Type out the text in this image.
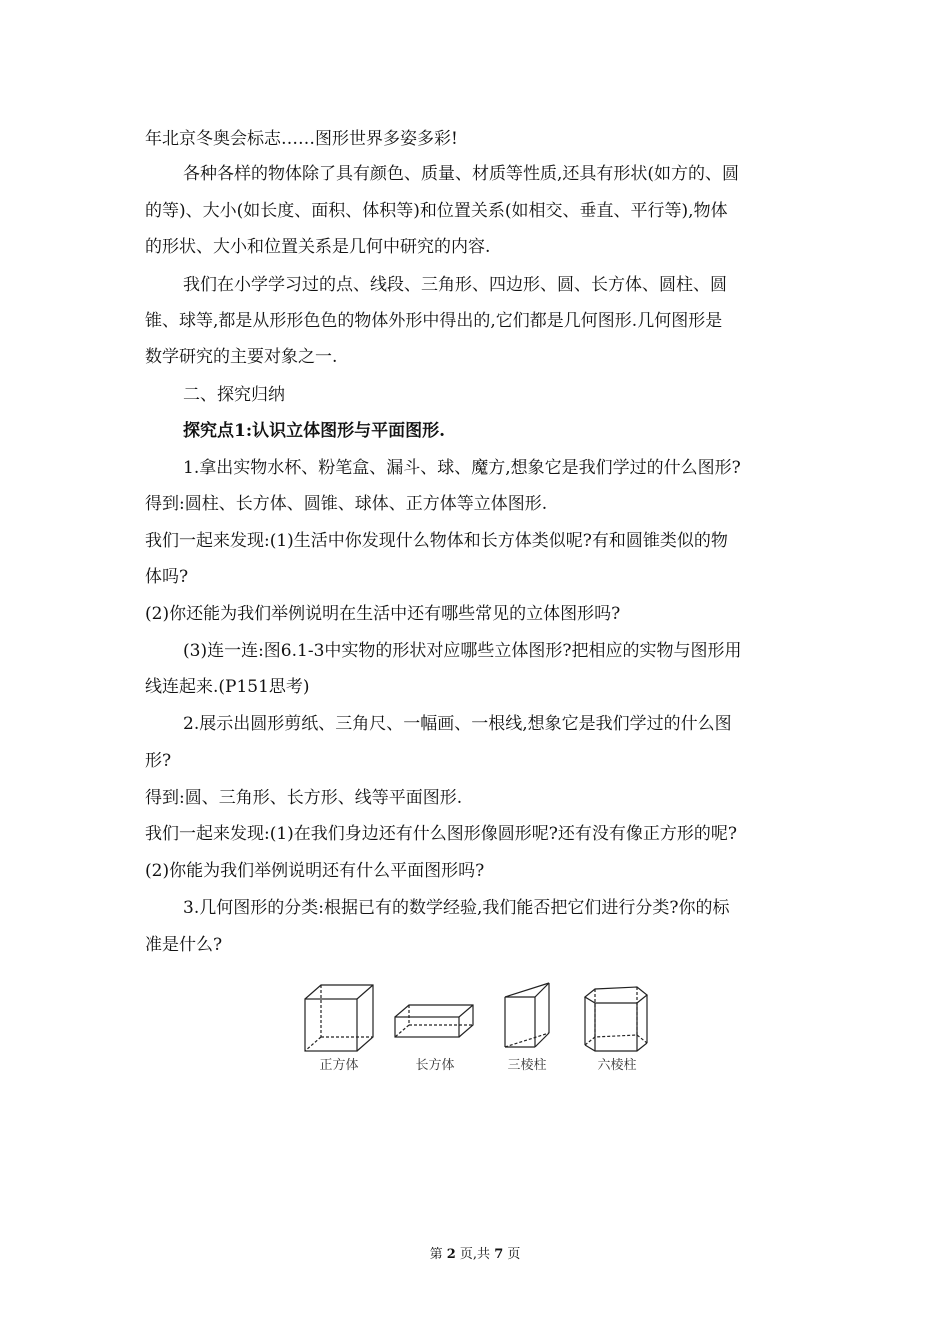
年北京冬奥会标志……图形世界多姿多彩!
各种各样的物体除了具有颜色、质量、材质等性质,还具有形状(如方的、圆
的等)、大小(如长度、面积、体积等)和位置关系(如相交、垂直、平行等),物体
的形状、大小和位置关系是几何中研究的内容.
我们在小学学习过的点、线段、三角形、四边形、圆、长方体、圆柱、圆
锥、球等,都是从形形色色的物体外形中得出的,它们都是几何图形.几何图形是
数学研究的主要对象之一.
二、探究归纳
探究点1:认识立体图形与平面图形.
1.拿出实物水杯、粉笔盒、漏斗、球、魔方,想象它是我们学过的什么图形?
得到:圆柱、长方体、圆锥、球体、正方体等立体图形.
我们一起来发现:(1)生活中你发现什么物体和长方体类似呢?有和圆锥类似的物
体吗?
(2)你还能为我们举例说明在生活中还有哪些常见的立体图形吗?
(3)连一连:图6.1-3中实物的形状对应哪些立体图形?把相应的实物与图形用
线连起来.(P151思考)
2.展示出圆形剪纸、三角尺、一幅画、一根线,想象它是我们学过的什么图
形?
得到:圆、三角形、长方形、线等平面图形.
我们一起来发现:(1)在我们身边还有什么图形像圆形呢?还有没有像正方形的呢?
(2)你能为我们举例说明还有什么平面图形吗?
3.几何图形的分类:根据已有的数学经验,我们能否把它们进行分类?你的标
准是什么?
正方体	长方体	三棱柱	六棱柱
第 2 页,共 7 页
